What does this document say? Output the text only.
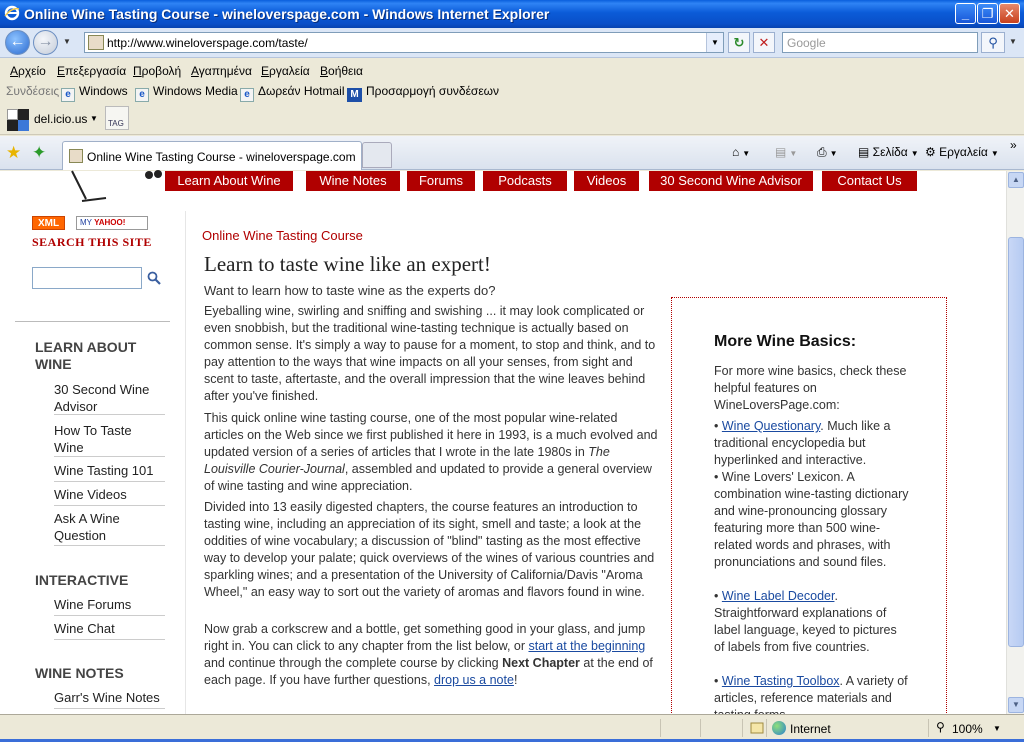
Online Wine Tasting Course - wineloverspage.com - Windows Internet Explorer	_ ❐ ✕
← →	▼	http://www.wineloverspage.com/taste/	▼	↻	✕	Google	⚲	▼
Αρχείο Επεξεργασία Προβολή Αγαπημένα Εργαλεία Βοήθεια
Συνδέσεις e Windows	e Windows Media e Δωρεάν Hotmail M Προσαρμογή συνδέσεων
del.icio.us ▼
TAG
★ ✦	Online Wine Tasting Course - wineloverspage.com	⌂ ▼ ▤ ▼ ⎙ ▼ ▤ Σελίδα ▼ ⚙ Εργαλεία ▼
»
Learn About Wine	Wine Notes	Forums	Podcasts	Videos	30 Second Wine Advisor	Contact Us
XML	MY YAHOO!
SEARCH THIS SITE
LEARN ABOUT WINE
30 Second Wine Advisor
How To Taste Wine
Wine Tasting 101
Wine Videos
Ask A Wine Question
INTERACTIVE
Wine Forums
Wine Chat
WINE NOTES
Garr's Wine Notes
Online Wine Tasting Course
Learn to taste wine like an expert!
Want to learn how to taste wine as the experts do?
Eyeballing wine, swirling and sniffing and swishing ... it may look complicated or even snobbish, but the traditional wine-tasting technique is actually based on common sense. It's simply a way to pause for a moment, to stop and think, and to pay attention to the ways that wine impacts on all your senses, from sight and scent to taste, aftertaste, and the overall impression that the wine leaves behind after you've finished.
This quick online wine tasting course, one of the most popular wine-related articles on the Web since we first published it here in 1993, is a much evolved and updated version of a series of articles that I wrote in the late 1980s in The Louisville Courier-Journal, assembled and updated to provide a general overview of wine tasting and wine appreciation.
Divided into 13 easily digested chapters, the course features an introduction to tasting wine, including an appreciation of its sight, smell and taste; a look at the oddities of wine vocabulary; a discussion of "blind" tasting as the most effective way to develop your palate; quick overviews of the wines of various countries and sparkling wines; and a presentation of the University of California/Davis "Aroma Wheel," an easy way to sort out the variety of aromas and flavors found in wine.
Now grab a corkscrew and a bottle, get something good in your glass, and jump right in. You can click to any chapter from the list below, or start at the beginning and continue through the complete course by clicking Next Chapter at the end of each page. If you have further questions, drop us a note!
More Wine Basics:
For more wine basics, check these helpful features on WineLoversPage.com:
• Wine Questionary. Much like a traditional encyclopedia but hyperlinked and interactive.
• Wine Lovers' Lexicon. A combination wine-tasting dictionary and wine-pronouncing glossary featuring more than 500 wine-related words and phrases, with pronunciations and sound files.
• Wine Label Decoder. Straightforward explanations of label language, keyed to pictures of labels from five countries.
• Wine Tasting Toolbox. A variety of articles, reference materials and
▲
▼
Internet	⚲ 100% ▼
